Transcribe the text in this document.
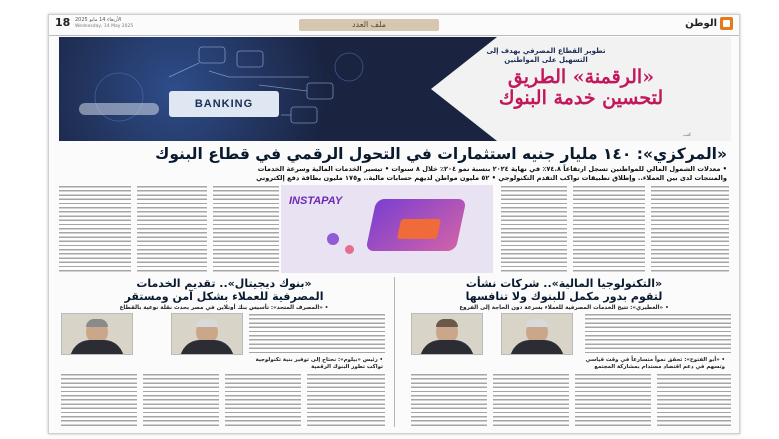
الوطن
ملف العدد
18 الأربعاء 14 مايو 2025
Wednesday, 14 May 2025
BANKING
تطوير القطاع المصرفي يهدف إلى التسهيل على المواطنين
«الرقمنة» الطريق لتحسين خدمة البنوك
كتب
«المركزي»: ١٤٠ مليار جنيه استثمارات في التحول الرقمي في قطاع البنوك
• معدلات الشمول المالي للمواطنين تسجل ارتفاعاً ٧٤.٨٪ في نهاية ٢٠٢٤ بنسبة نمو ٢٠٤٪ خلال ٨ سنوات • تيسير الخدمات المالية وسرعة الخدمات
والمنتجات لدى بين العملاء.. وإطلاق تطبيقات تواكب التقدم التكنولوجي • ٥٢ مليون مواطن لديهم حسابات مالية.. و١٧٥ مليون بطاقة دفع إلكتروني
INSTAPAY
«التكنولوجيا المالية».. شركات نشأت
لتقوم بدور مكمل للبنوك ولا تنافسها
• «العطيري»: تتيح الخدمات المصرفية للعملاء بسرعة دون الحاجة إلى الفروع
• «أبو الفتوح»: تحقق نمواً متسارعاً في وقت قياسي
وتسهم في دعم اقتصاد مستدام بمشاركة المجتمع
«بنوك ديجيتال».. تقديم الخدمات
المصرفية للعملاء بشكل آمن ومستقر
• «المصرف المتحد»: تأسيس بنك أونلاين في مصر بحدث نقلة نوعية بالقطاع
• رئيس «بيلوم»: نحتاج إلى توفير بنية تكنولوجية
تواكب تطور البنوك الرقمية
